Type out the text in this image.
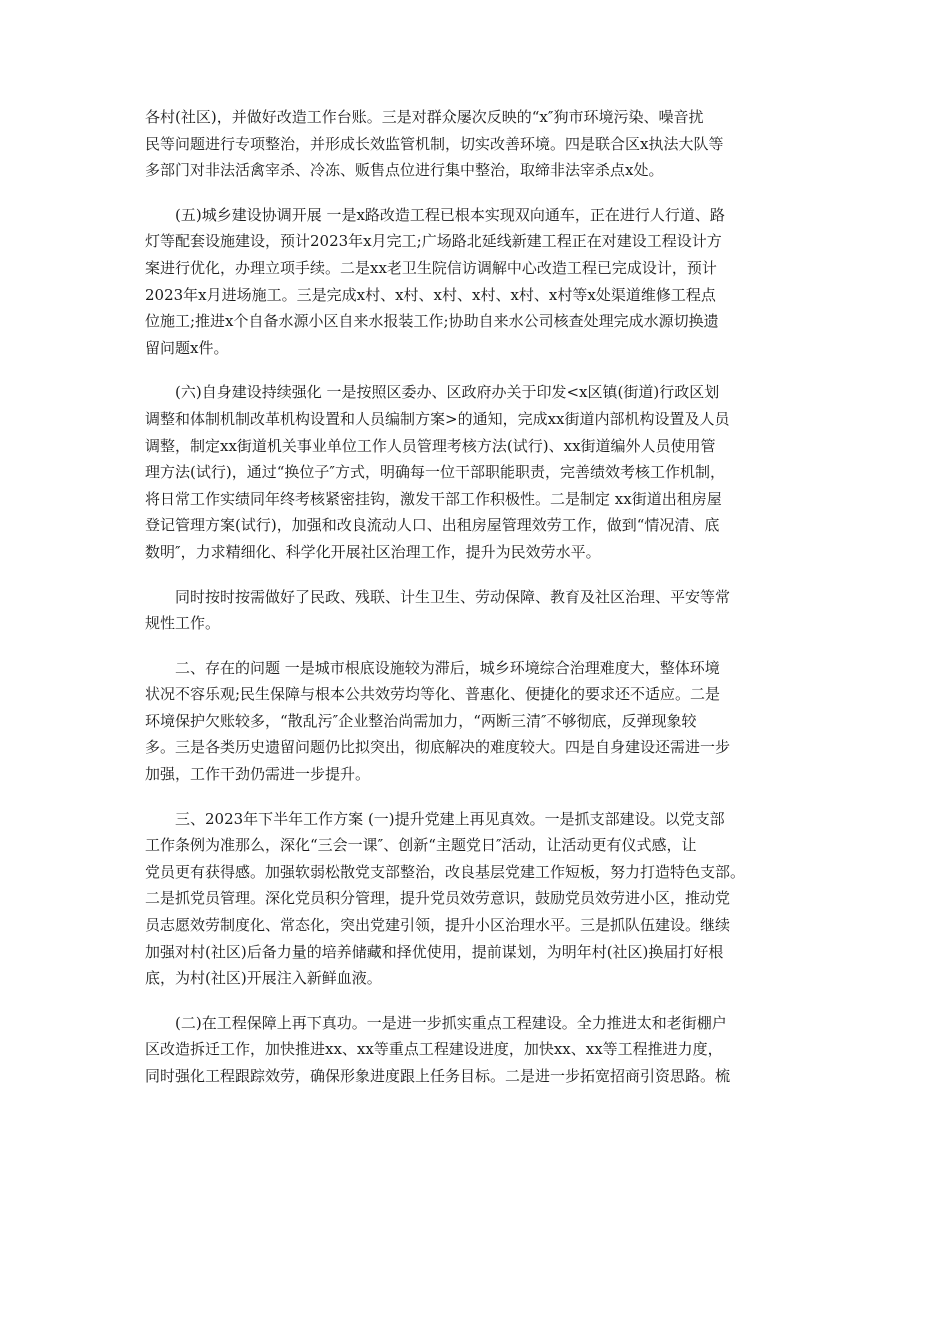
各村(社区)，并做好改造工作台账。三是对群众屡次反映的“x″狗市环境污染、噪音扰
民等问题进行专项整治，并形成长效监管机制，切实改善环境。四是联合区x执法大队等
多部门对非法活禽宰杀、冷冻、贩售点位进行集中整治，取缔非法宰杀点x处。
(五)城乡建设协调开展 一是x路改造工程已根本实现双向通车，正在进行人行道、路
灯等配套设施建设，预计2023年x月完工;广场路北延线新建工程正在对建设工程设计方
案进行优化，办理立项手续。二是xx老卫生院信访调解中心改造工程已完成设计，预计
2023年x月进场施工。三是完成x村、x村、x村、x村、x村、x村等x处渠道维修工程点
位施工;推进x个自备水源小区自来水报装工作;协助自来水公司核查处理完成水源切换遗
留问题x件。
(六)自身建设持续强化 一是按照区委办、区政府办关于印发<x区镇(街道)行政区划
调整和体制机制改革机构设置和人员编制方案>的通知，完成xx街道内部机构设置及人员
调整，制定xx街道机关事业单位工作人员管理考核方法(试行)、xx街道编外人员使用管
理方法(试行)，通过“换位子″方式，明确每一位干部职能职责，完善绩效考核工作机制，
将日常工作实绩同年终考核紧密挂钩，激发干部工作积极性。二是制定 xx街道出租房屋
登记管理方案(试行)，加强和改良流动人口、出租房屋管理效劳工作，做到“情况清、底
数明″，力求精细化、科学化开展社区治理工作，提升为民效劳水平。
同时按时按需做好了民政、残联、计生卫生、劳动保障、教育及社区治理、平安等常
规性工作。
二、存在的问题 一是城市根底设施较为滞后，城乡环境综合治理难度大，整体环境
状况不容乐观;民生保障与根本公共效劳均等化、普惠化、便捷化的要求还不适应。二是
环境保护欠账较多，“散乱污″企业整治尚需加力，“两断三清″不够彻底，反弹现象较
多。三是各类历史遗留问题仍比拟突出，彻底解决的难度较大。四是自身建设还需进一步
加强，工作干劲仍需进一步提升。
三、2023年下半年工作方案 (一)提升党建上再见真效。一是抓支部建设。以党支部
工作条例为准那么，深化“三会一课″、创新“主题党日″活动，让活动更有仪式感，让
党员更有获得感。加强软弱松散党支部整治，改良基层党建工作短板，努力打造特色支部。
二是抓党员管理。深化党员积分管理，提升党员效劳意识，鼓励党员效劳进小区，推动党
员志愿效劳制度化、常态化，突出党建引领，提升小区治理水平。三是抓队伍建设。继续
加强对村(社区)后备力量的培养储藏和择优使用，提前谋划，为明年村(社区)换届打好根
底，为村(社区)开展注入新鲜血液。
(二)在工程保障上再下真功。一是进一步抓实重点工程建设。全力推进太和老街棚户
区改造拆迁工作，加快推进xx、xx等重点工程建设进度，加快xx、xx等工程推进力度，
同时强化工程跟踪效劳，确保形象进度跟上任务目标。二是进一步拓宽招商引资思路。梳
